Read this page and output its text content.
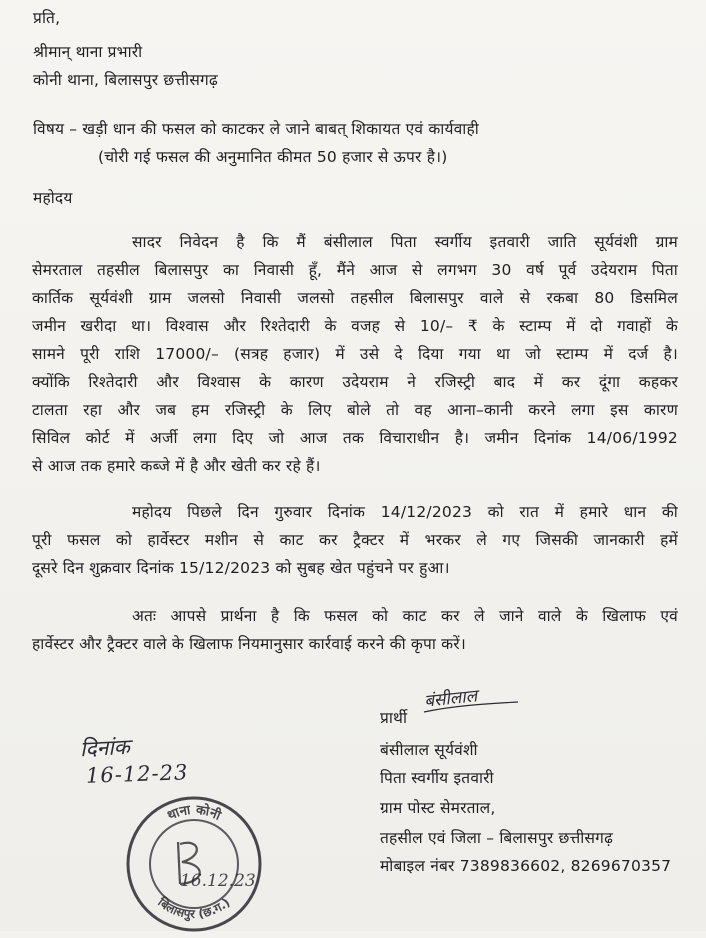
प्रति,
श्रीमान् थाना प्रभारी
कोनी थाना, बिलासपुर छत्तीसगढ़
विषय – खड़ी धान की फसल को काटकर ले जाने बाबत् शिकायत एवं कार्यवाही
(चोरी गई फसल की अनुमानित कीमत 50 हजार से ऊपर है।)
महोदय
सादर निवेदन है कि मैं बंसीलाल पिता स्वर्गीय इतवारी जाति सूर्यवंशी ग्राम
सेमरताल तहसील बिलासपुर का निवासी हूँ, मैंने आज से लगभग 30 वर्ष पूर्व उदेयराम पिता
कार्तिक सूर्यवंशी ग्राम जलसो निवासी जलसो तहसील बिलासपुर वाले से रकबा 80 डिसमिल
जमीन खरीदा था। विश्वास और रिश्तेदारी के वजह से 10/– ₹ के स्टाम्प में दो गवाहों के
सामने पूरी राशि 17000/– (सत्रह हजार) में उसे दे दिया गया था जो स्टाम्प में दर्ज है।
क्योंकि रिश्तेदारी और विश्वास के कारण उदेयराम ने रजिस्ट्री बाद में कर दूंगा कहकर
टालता रहा और जब हम रजिस्ट्री के लिए बोले तो वह आना–कानी करने लगा इस कारण
सिविल कोर्ट में अर्जी लगा दिए जो आज तक विचाराधीन है। जमीन दिनांक 14/06/1992
से आज तक हमारे कब्जे में है और खेती कर रहे हैं।
महोदय पिछले दिन गुरुवार दिनांक 14/12/2023 को रात में हमारे धान की
पूरी फसल को हार्वेस्टर मशीन से काट कर ट्रैक्टर में भरकर ले गए जिसकी जानकारी हमें
दूसरे दिन शुक्रवार दिनांक 15/12/2023 को सुबह खेत पहुंचने पर हुआ।
अतः आपसे प्रार्थना है कि फसल को काट कर ले जाने वाले के खिलाफ एवं
हार्वेस्टर और ट्रैक्टर वाले के खिलाफ नियमानुसार कार्रवाई करने की कृपा करें।
प्रार्थी
बंसीलाल
बंसीलाल सूर्यवंशी
पिता स्वर्गीय इतवारी
ग्राम पोस्ट सेमरताल,
तहसील एवं जिला – बिलासपुर छत्तीसगढ़
मोबाइल नंबर 7389836602, 8269670357
दिनांक
16-12-23
थाना कोनी
बिलासपुर (छ.ग.)
16.12.23
